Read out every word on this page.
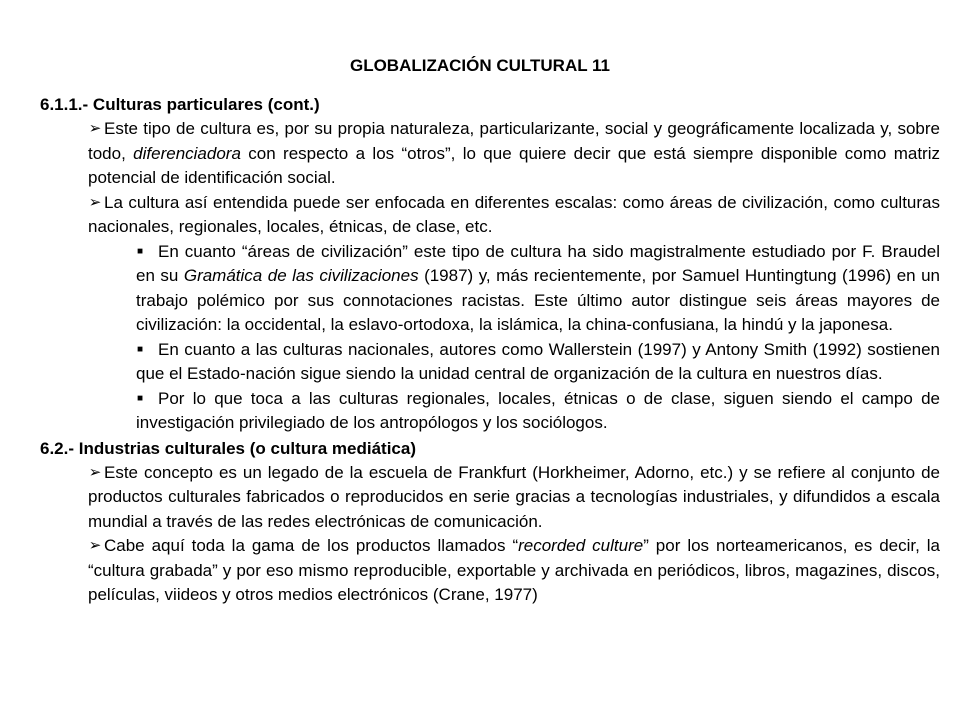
GLOBALIZACIÓN CULTURAL 11

6.1.1.- Culturas particulares (cont.)

➢ Este tipo de cultura es, por su propia naturaleza, particularizante, social y geográficamente localizada y, sobre todo, diferenciadora con respecto a los “otros”, lo que quiere decir que está siempre disponible como matriz potencial de identificación social.

➢ La cultura así entendida puede ser enfocada en diferentes escalas: como áreas de civilización, como culturas nacionales, regionales, locales, étnicas, de clase, etc.

■ En cuanto “áreas de civilización” este tipo de cultura ha sido magistralmente estudiado por F. Braudel en su Gramática de las civilizaciones (1987) y, más recientemente, por Samuel Huntingtung (1996) en un trabajo polémico por sus connotaciones racistas. Este último autor distingue seis áreas mayores de civilización: la occidental, la eslavo-ortodoxa, la islámica, la china-confusiana, la hindú y la japonesa.

■ En cuanto a las culturas nacionales, autores como Wallerstein (1997) y Antony Smith (1992) sostienen que el Estado-nación sigue siendo la unidad central de organización de la cultura en nuestros días.

■ Por lo que toca a las culturas regionales, locales, étnicas o de clase, siguen siendo el campo de investigación privilegiado de los antropólogos y los sociólogos.

6.2.- Industrias culturales (o cultura mediática)

➢ Este concepto es un legado de la escuela de Frankfurt (Horkheimer, Adorno, etc.) y se refiere al conjunto de productos culturales fabricados o reproducidos en serie gracias a tecnologías industriales, y difundidos a escala mundial a través de las redes electrónicas de comunicación.

➢ Cabe aquí toda la gama de los productos llamados “recorded culture” por los norteamericanos, es decir, la “cultura grabada” y por eso mismo reproducible, exportable y archivada en periódicos, libros, magazines, discos, películas, viideos y otros medios electrónicos (Crane, 1977)
